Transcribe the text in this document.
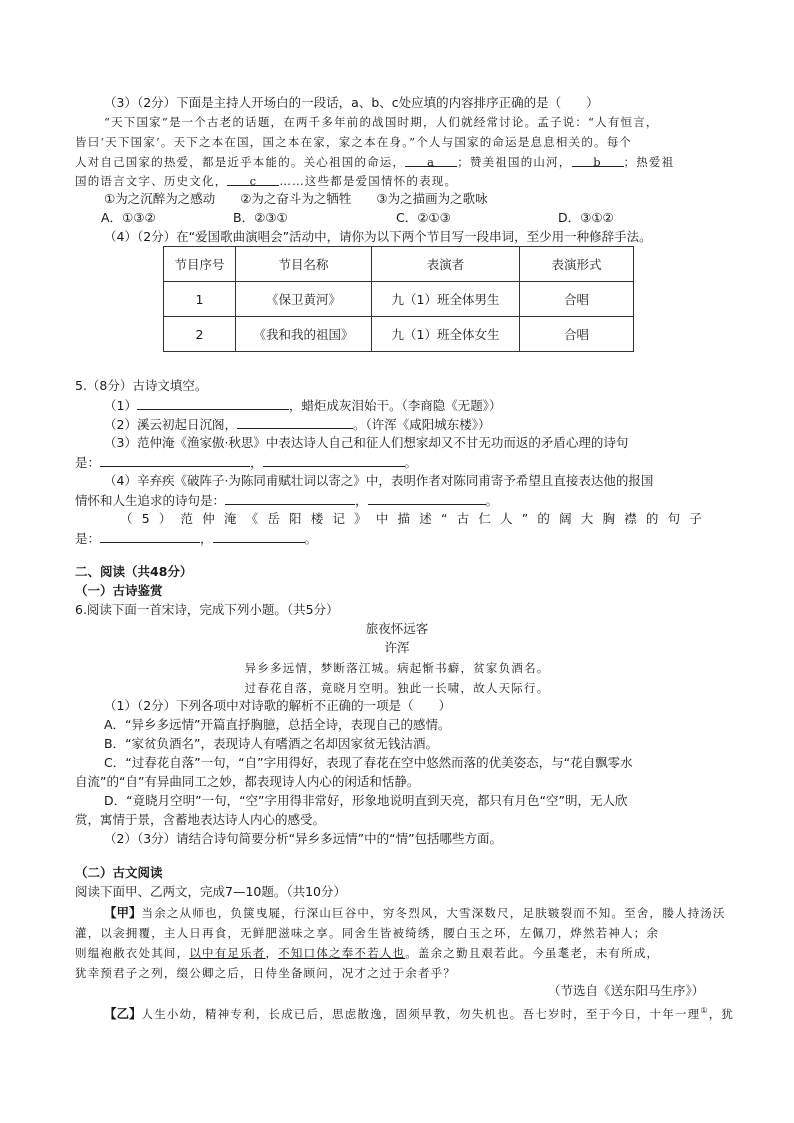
（3）（2分）下面是主持人开场白的一段话，a、b、c处应填的内容排序正确的是（　　）
“天下国家”是一个古老的话题，在两千多年前的战国时期，人们就经常讨论。孟子说：“人有恒言，
皆曰‘天下国家’。天下之本在国，国之本在家，家之本在身。”个人与国家的命运是息息相关的。每个
人对自己国家的热爱，都是近乎本能的。关心祖国的命运， a ；赞美祖国的山河， b ；热爱祖
国的语言文字、历史文化， c ……这些都是爱国情怀的表现。
①为之沉醉为之感动　　②为之奋斗为之牺牲　　③为之描画为之歌咏
A．①③②	B．②③①	C．②①③	D．③①②
（4）（2分）在“爱国歌曲演唱会”活动中，请你为以下两个节目写一段串词，至少用一种修辞手法。
节目序号	节目名称	表演者	表演形式
1	《保卫黄河》	九（1）班全体男生	合唱
2	《我和我的祖国》	九（1）班全体女生	合唱
5.（8分）古诗文填空。
（1）	，蜡炬成灰泪始干。（李商隐《无题》）
（2）溪云初起日沉阁，	。（许浑《咸阳城东楼》）
（3）范仲淹《渔家傲·秋思》中表达诗人自己和征人们想家却又不甘无功而返的矛盾心理的诗句
是：	，	。
（4）辛弃疾《破阵子·为陈同甫赋壮词以寄之》中，表明作者对陈同甫寄予希望且直接表达他的报国
情怀和人生追求的诗句是：	，	。
（5）范仲淹《岳阳楼记》中描述“古仁人”的阔大胸襟的句子
是：	，	。
二、阅读（共48分）
（一）古诗鉴赏
6.阅读下面一首宋诗，完成下列小题。（共5分）
旅夜怀远客
许浑
异乡多远情，梦断落江城。病起惭书癖，贫家负酒名。
过春花自落，竟晓月空明。独此一长啸，故人天际行。
（1）（2分）下列各项中对诗歌的解析不正确的一项是（　　）
A．“异乡多远情”开篇直抒胸臆，总括全诗，表现自己的感情。
B．“家贫负酒名”，表现诗人有嗜酒之名却因家贫无钱沽酒。
C．“过春花自落”一句，“自”字用得好，表现了春花在空中悠然而落的优美姿态，与“花自飘零水
自流”的“自”有异曲同工之妙，都表现诗人内心的闲适和恬静。
D．“竟晓月空明”一句，“空”字用得非常好，形象地说明直到天亮，都只有月色“空”明，无人欣
赏，寓情于景，含蓄地表达诗人内心的感受。
（2）（3分）请结合诗句简要分析“异乡多远情”中的“情”包括哪些方面。
（二）古文阅读
阅读下面甲、乙两文，完成7—10题。（共10分）
【甲】当余之从师也，负箧曳屣，行深山巨谷中，穷冬烈风，大雪深数尺，足肤皲裂而不知。至舍，媵人持汤沃
灌，以衾拥覆，主人日再食，无鲜肥滋味之享。同舍生皆被绮绣，腰白玉之环，左佩刀，烨然若神人；余
则缊袍敝衣处其间，以中有足乐者，不知口体之奉不若人也。盖余之勤且艰若此。今虽耄老，未有所成，
犹幸预君子之列，缀公卿之后，日侍坐备顾问，况才之过于余者乎？
（节选自《送东阳马生序》）
【乙】人生小幼，精神专利，长成已后，思虑散逸，固须早教，勿失机也。吾七岁时，至于今日，十年一理①，犹
